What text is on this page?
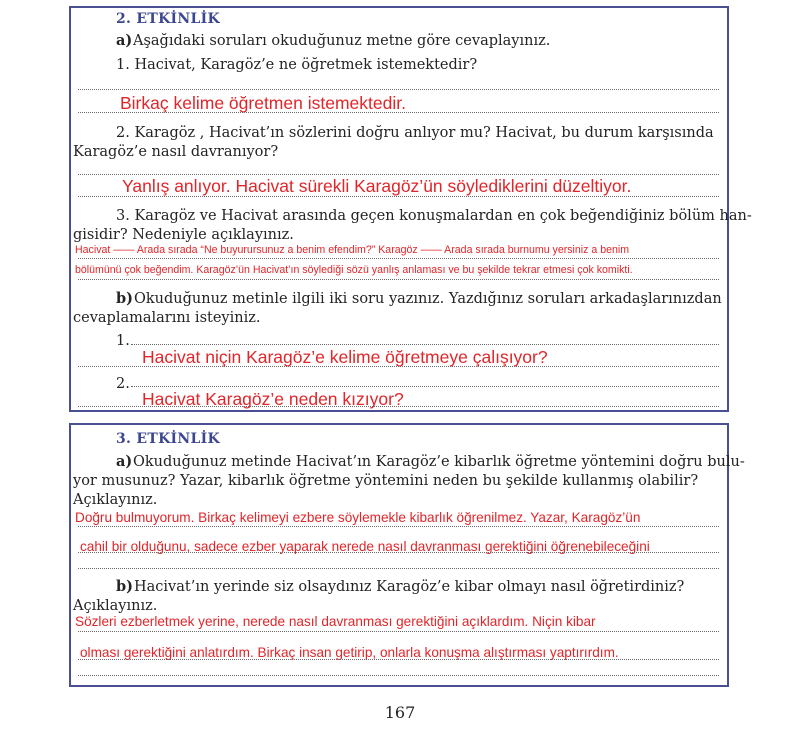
2. ETKİNLİK
a) Aşağıdaki soruları okuduğunuz metne göre cevaplayınız.
1. Hacivat, Karagöz’e ne öğretmek istemektedir?
Birkaç kelime öğretmen istemektedir.
2. Karagöz , Hacivat’ın sözlerini doğru anlıyor mu? Hacivat, bu durum karşısında
Karagöz’e nasıl davranıyor?
Yanlış anlıyor. Hacivat sürekli Karagöz’ün söylediklerini düzeltiyor.
3. Karagöz ve Hacivat arasında geçen konuşmalardan en çok beğendiğiniz bölüm han-
gisidir? Nedeniyle açıklayınız.
Hacivat —— Arada sırada “Ne buyurursunuz a benim efendim?” Karagöz —— Arada sırada burnumu yersiniz a benim
bölümünü çok beğendim. Karagöz’ün Hacivat’ın söylediği sözü yanlış anlaması ve bu şekilde tekrar etmesi çok komikti.
b) Okuduğunuz metinle ilgili iki soru yazınız. Yazdığınız soruları arkadaşlarınızdan
cevaplamalarını isteyiniz.
1.
Hacivat niçin Karagöz’e kelime öğretmeye çalışıyor?
2.
Hacivat Karagöz’e neden kızıyor?
3. ETKİNLİK
a) Okuduğunuz metinde Hacivat’ın Karagöz’e kibarlık öğretme yöntemini doğru bulu-
yor musunuz? Yazar, kibarlık öğretme yöntemini neden bu şekilde kullanmış olabilir?
Açıklayınız.
Doğru bulmuyorum. Birkaç kelimeyi ezbere söylemekle kibarlık öğrenilmez. Yazar, Karagöz’ün
cahil bir olduğunu, sadece ezber yaparak nerede nasıl davranması gerektiğini öğrenebileceğini
b) Hacivat’ın yerinde siz olsaydınız Karagöz’e kibar olmayı nasıl öğretirdiniz?
Açıklayınız.
Sözleri ezberletmek yerine, nerede nasıl davranması gerektiğini açıklardım. Niçin kibar
olması gerektiğini anlatırdım. Birkaç insan getirip, onlarla konuşma alıştırması yaptırırdım.
167
